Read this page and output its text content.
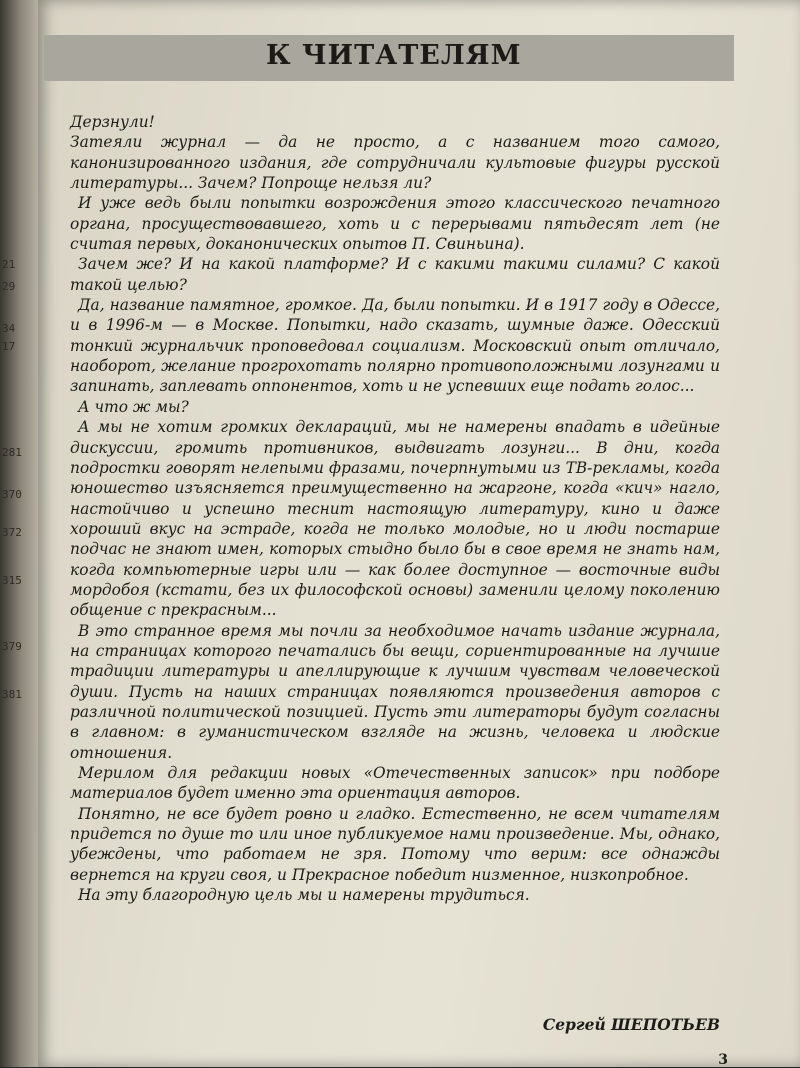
21
29
34
17
281
370
372
315
379
381
К ЧИТАТЕЛЯМ

Дерзнули!

Затеяли журнал — да не просто, а с названием того самого, канонизированного издания, где сотрудничали культовые фигуры русской литературы... Зачем? Попроще нельзя ли?

И уже ведь были попытки возрождения этого классического печатного органа, просуществовавшего, хоть и с перерывами пятьдесят лет (не считая первых, доканонических опытов П. Свиньина).

Зачем же? И на какой платформе? И с какими такими силами? С какой такой целью?

Да, название памятное, громкое. Да, были попытки. И в 1917 году в Одессе, и в 1996-м — в Москве. Попытки, надо сказать, шумные даже. Одесский тонкий журнальчик проповедовал социализм. Московский опыт отличало, наоборот, желание прогрохотать полярно противоположными лозунгами и запинать, заплевать оппонентов, хоть и не успевших еще подать голос...

А что ж мы?

А мы не хотим громких деклараций, мы не намерены впадать в идейные дискуссии, громить противников, выдвигать лозунги... В дни, когда подростки говорят нелепыми фразами, почерпнутыми из ТВ-рекламы, когда юношество изъясняется преимущественно на жаргоне, когда «кич» нагло, настойчиво и успешно теснит настоящую литературу, кино и даже хороший вкус на эстраде, когда не только молодые, но и люди постарше подчас не знают имен, которых стыдно было бы в свое время не знать нам, когда компьютерные игры или — как более доступное — восточные виды мордобоя (кстати, без их философской основы) заменили целому поколению общение с прекрасным...

В это странное время мы почли за необходимое начать издание журнала, на страницах которого печатались бы вещи, сориентированные на лучшие традиции литературы и апеллирующие к лучшим чувствам человеческой души. Пусть на наших страницах появляются произведения авторов с различной политической позицией. Пусть эти литераторы будут согласны в главном: в гуманистическом взгляде на жизнь, человека и людские отношения.

Мерилом для редакции новых «Отечественных записок» при подборе материалов будет именно эта ориентация авторов.

Понятно, не все будет ровно и гладко. Естественно, не всем читателям придется по душе то или иное публикуемое нами произведение. Мы, однако, убеждены, что работаем не зря. Потому что верим: все однажды вернется на круги своя, и Прекрасное победит низменное, низкопробное.

На эту благородную цель мы и намерены трудиться.

Сергей ШЕПОТЬЕВ
3
